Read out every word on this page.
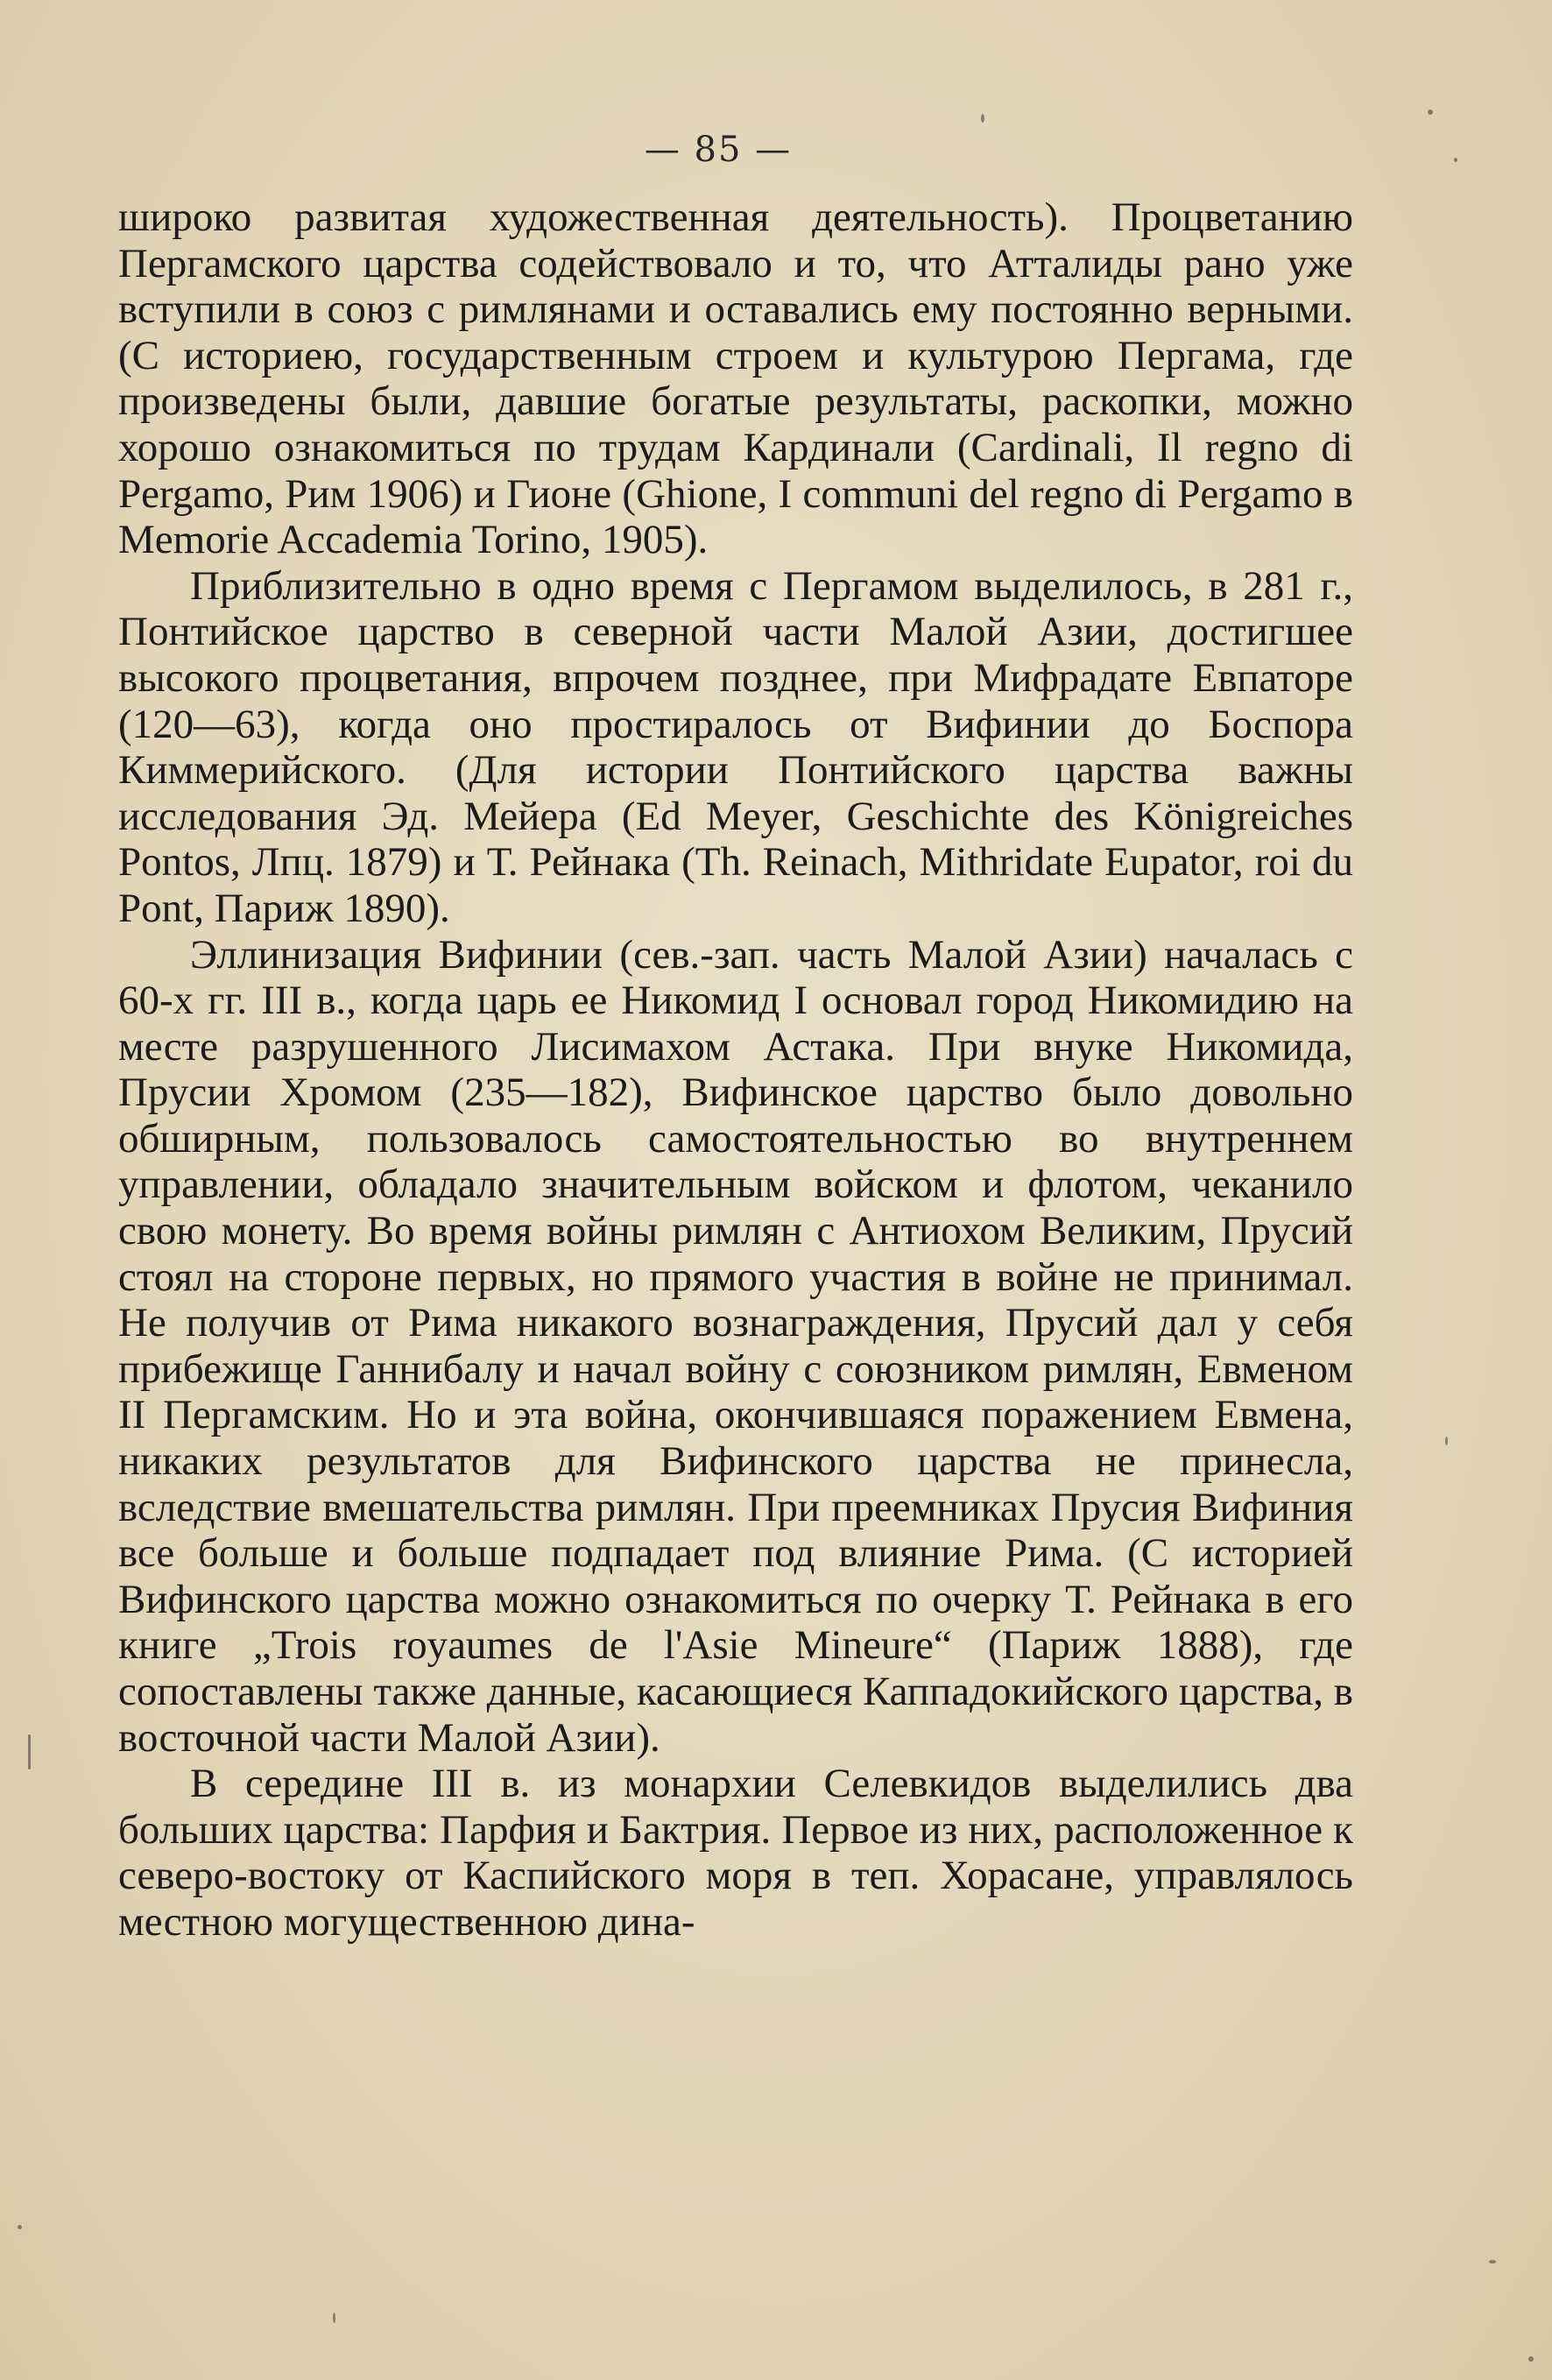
— 85 —

широко развитая художественная деятельность). Процветанию Пергамского царства содействовало и то, что Атталиды рано уже вступили в союз с римлянами и оставались ему постоянно верными. (С историею, государственным строем и культурою Пергама, где произведены были, давшие богатые результаты, раскопки, можно хорошо ознакомиться по трудам Кардинали (Cardinali, Il regno di Pergamo, Рим 1906) и Гионе (Ghione, I communi del regno di Pergamo в Memorie Accademia Torino, 1905).

Приблизительно в одно время с Пергамом выделилось, в 281 г., Понтийское царство в северной части Малой Азии, достигшее высокого процветания, впрочем позднее, при Мифрадате Евпаторе (120—63), когда оно простиралось от Вифинии до Боспора Киммерийского. (Для истории Понтийского царства важны исследования Эд. Мейера (Ed Meyer, Geschichte des Königreiches Pontos, Лпц. 1879) и Т. Рейнака (Th. Reinach, Mithridate Eupator, roi du Pont, Париж 1890).

Эллинизация Вифинии (сев.-зап. часть Малой Азии) началась с 60-х гг. III в., когда царь ее Никомид I основал город Никомидию на месте разрушенного Лисимахом Астака. При внуке Никомида, Прусии Хромом (235—182), Вифинское царство было довольно обширным, пользовалось самостоятельностью во внутреннем управлении, обладало значительным войском и флотом, чеканило свою монету. Во время войны римлян с Антиохом Великим, Прусий стоял на стороне первых, но прямого участия в войне не принимал. Не получив от Рима никакого вознаграждения, Прусий дал у себя прибежище Ганнибалу и начал войну с союзником римлян, Евменом II Пергамским. Но и эта война, окончившаяся поражением Евмена, никаких результатов для Вифинского царства не принесла, вследствие вмешательства римлян. При преемниках Прусия Вифиния все больше и больше подпадает под влияние Рима. (С историей Вифинского царства можно ознакомиться по очерку Т. Рейнака в его книге „Trois royaumes de l'Asie Mineure“ (Париж 1888), где сопоставлены также данные, касающиеся Каппадокийского царства, в восточной части Малой Азии).

В середине III в. из монархии Селевкидов выделились два больших царства: Парфия и Бактрия. Первое из них, расположенное к северо-востоку от Каспийского моря в теп. Хорасане, управлялось местною могущественною дина-
